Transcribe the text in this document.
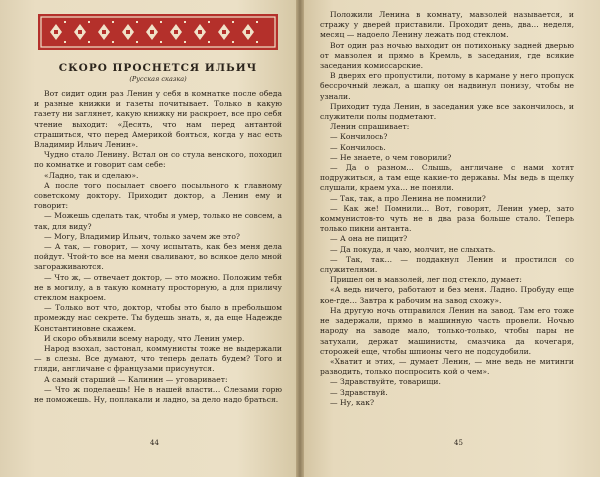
СКОРО ПРОСНЕТСЯ ИЛЬИЧ
(Русская сказка)

Вот сидит один раз Ленин у себя в комнатке после обеда и разные книжки и газеты почитывает. Только в какую газету ни заглянет, какую книжку ни раскроет, все про себя чтение выходит: «Десять, что нам перед антантой страшиться, что перед Америкой бояться, когда у нас есть Владимир Ильич Ленин».

Чудно стало Ленину. Встал он со стула венского, походил по комнатке и говорит сам себе:

«Ладно, так и сделаю».

А после того посылает своего посыльного к главному советскому доктору. Приходит доктор, а Ленин ему и говорит:

— Можешь сделать так, чтобы я умер, только не совсем, а так, для виду?

— Могу, Владимир Ильич, только зачем же это?

— А так, — говорит, — хочу испытать, как без меня дела пойдут. Чтой-то все на меня сваливают, во всякое дело мной загораживаются.

— Что ж, — отвечает доктор, — это можно. Положим тебя не в могилу, а в такую комнату просторную, а для приличу стеклом накроем.

— Только вот что, доктор, чтобы это было в пребольшом промежду нас секрете. Ты будешь знать, я, да еще Надежде Константиновне скажем.

И скоро объявили всему народу, что Ленин умер.

Народ взохал, застонал, коммунисты тоже не выдержали — в слезы. Все думают, что теперь делать будем? Того и гляди, англичане с французами присунутся.

А самый старший — Калинин — уговаривает:

— Что ж поделаешь! Не в нашей власти… Слезами горю не поможешь. Ну, поплакали и ладно, за дело надо браться.

44

Положили Ленина в комнату, мавзолей называется, и стражу у дверей приставили. Проходит день, два… неделя, месяц — надоело Ленину лежать под стеклом.

Вот один раз ночью выходит он потихоньку задней дверью от мавзолея и прямо в Кремль, в заседания, где всякие заседания комиссарские.

В дверях его пропустили, потому в кармане у него пропуск бессрочный лежал, а шапку он надвинул понизу, чтобы не узнали.

Приходит туда Ленин, в заседания уже все закончилось, и служители полы подметают.

Ленин спрашивает:

— Кончилось?

— Кончилось.

— Не знаете, о чем говорили?

— Да о разном… Слышь, англичане с нами хотят подружиться, а там еще какие-то державы. Мы ведь в щелку слушали, краем уха… не поняли.

— Так, так, а про Ленина не помнили?

— Как же! Помнили… Вот, говорят, Ленин умер, зато коммунистов-то чуть не в два раза больше стало. Теперь только пикни антанта.

— А она не пищит?

— Да покуда, я чаю, молчит, не слыхать.

— Так, так… — поддакнул Ленин и простился со служителями.

Пришел он в мавзолей, лег под стекло, думает:

«А ведь ничего, работают и без меня. Ладно. Пробуду еще кое-где… Завтра к рабочим на завод схожу».

На другую ночь отправился Ленин на завод. Там его тоже не задержали, прямо в машинную часть провели. Ночью народу на заводе мало, только-только, чтобы пары не затухали, держат машинисты, смазчика да кочегаря, сторожей еще, чтобы шпионы чего не подсудобили.

«Хватит и этих, — думает Ленин, — мне ведь не митинги разводить, только поспросить кой о чем».

— Здравствуйте, товарищи.

— Здравствуй.

— Ну, как?

45
